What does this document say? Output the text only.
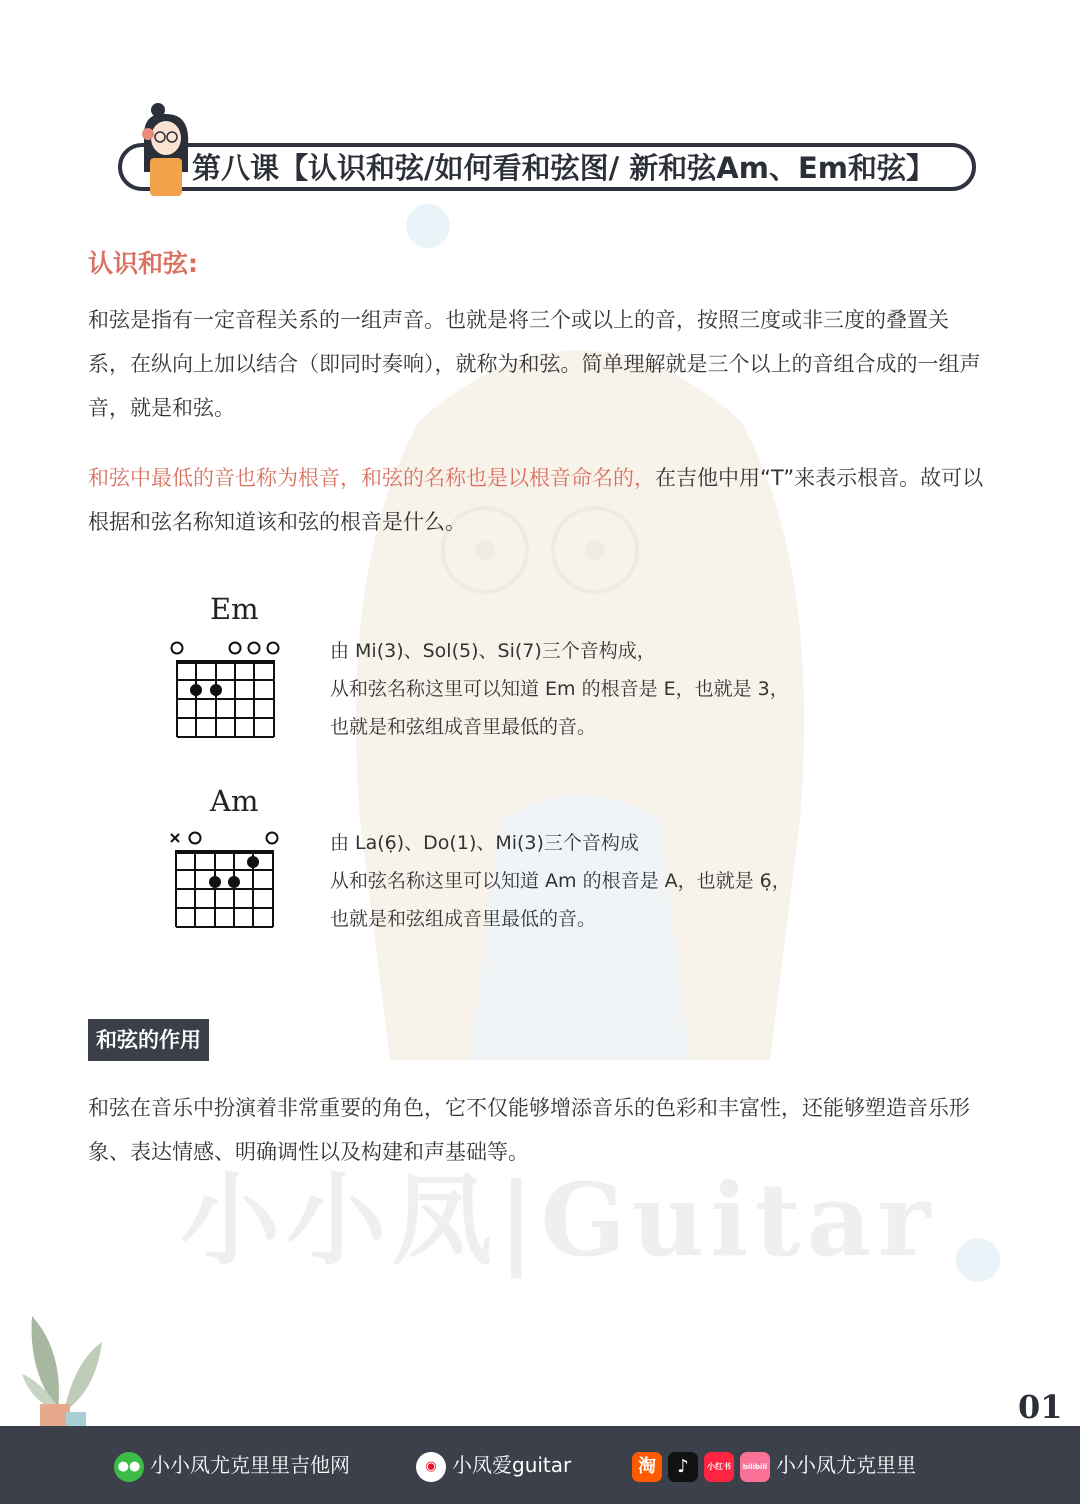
小小凤|Guitar
第八课【认识和弦/如何看和弦图/ 新和弦Am、Em和弦】
认识和弦:
和弦是指有一定音程关系的一组声音。也就是将三个或以上的音，按照三度或非三度的叠置关系，在纵向上加以结合（即同时奏响），就称为和弦。简单理解就是三个以上的音组合成的一组声音，就是和弦。
和弦中最低的音也称为根音，和弦的名称也是以根音命名的，在吉他中用“T”来表示根音。故可以根据和弦名称知道该和弦的根音是什么。
Em
由 Mi(3)、Sol(5)、Si(7)三个音构成，
从和弦名称这里可以知道 Em 的根音是 E，也就是 3，
也就是和弦组成音里最低的音。
Am
由 La(6̣)、Do(1)、Mi(3)三个音构成
从和弦名称这里可以知道 Am 的根音是 A，也就是 6̣，
也就是和弦组成音里最低的音。
和弦的作用
和弦在音乐中扮演着非常重要的角色，它不仅能够增添音乐的色彩和丰富性，还能够塑造音乐形象、表达情感、明确调性以及构建和声基础等。
01
●● 小小凤尤克里里吉他网	◉ 小凤爱guitar	淘 ♪ 小红书 bilibili 小小凤尤克里里
